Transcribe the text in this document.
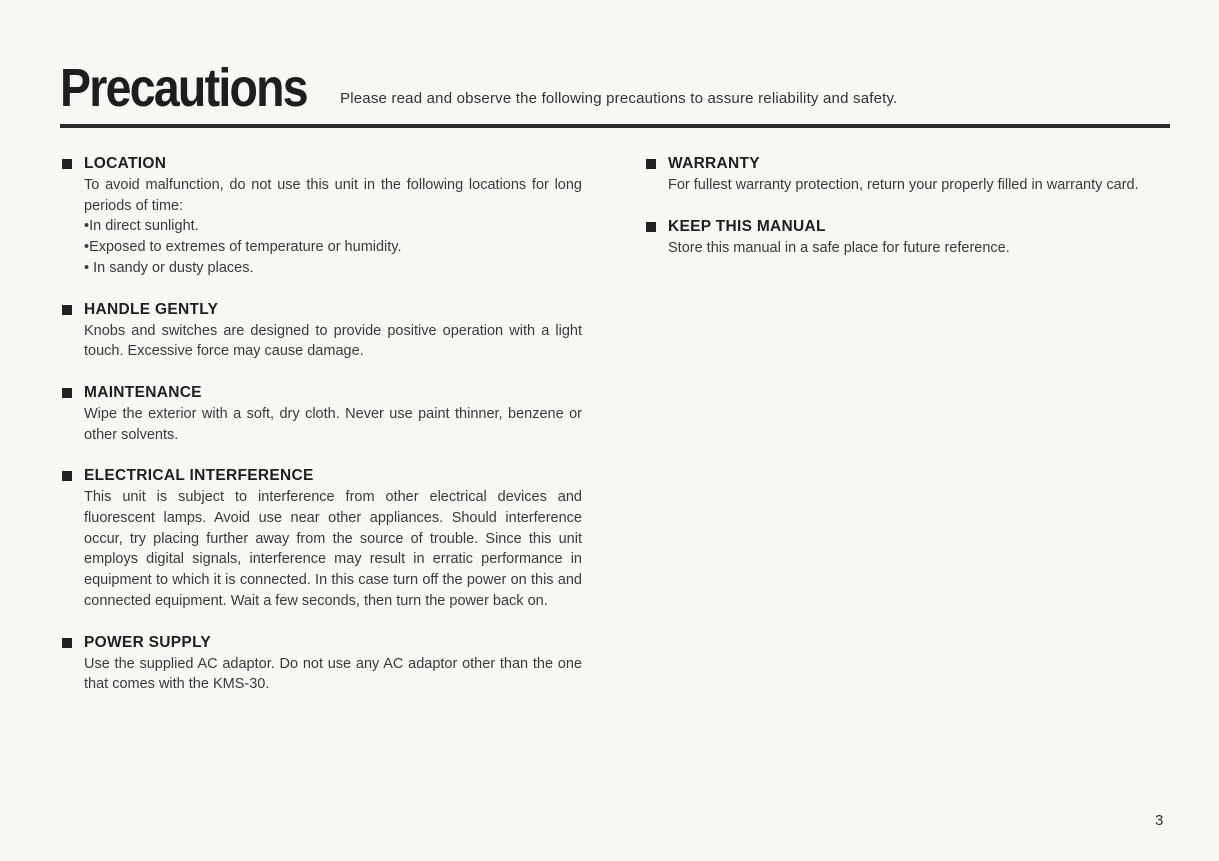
Precautions Please read and observe the following precautions to assure reliability and safety.
LOCATION

To avoid malfunction, do not use this unit in the following locations for long periods of time:

•In direct sunlight.

•Exposed to extremes of temperature or humidity.

• In sandy or dusty places.

HANDLE GENTLY

Knobs and switches are designed to provide positive operation with a light touch. Excessive force may cause damage.

MAINTENANCE

Wipe the exterior with a soft, dry cloth. Never use paint thinner, benzene or other solvents.

ELECTRICAL INTERFERENCE

This unit is subject to interference from other electrical devices and fluorescent lamps. Avoid use near other appliances. Should interference occur, try placing further away from the source of trouble. Since this unit employs digital signals, interference may result in erratic performance in equipment to which it is connected. In this case turn off the power on this and connected equipment. Wait a few seconds, then turn the power back on.

POWER SUPPLY

Use the supplied AC adaptor. Do not use any AC adaptor other than the one that comes with the KMS-30.

WARRANTY

For fullest warranty protection, return your properly filled in warranty card.

KEEP THIS MANUAL

Store this manual in a safe place for future reference.

3
